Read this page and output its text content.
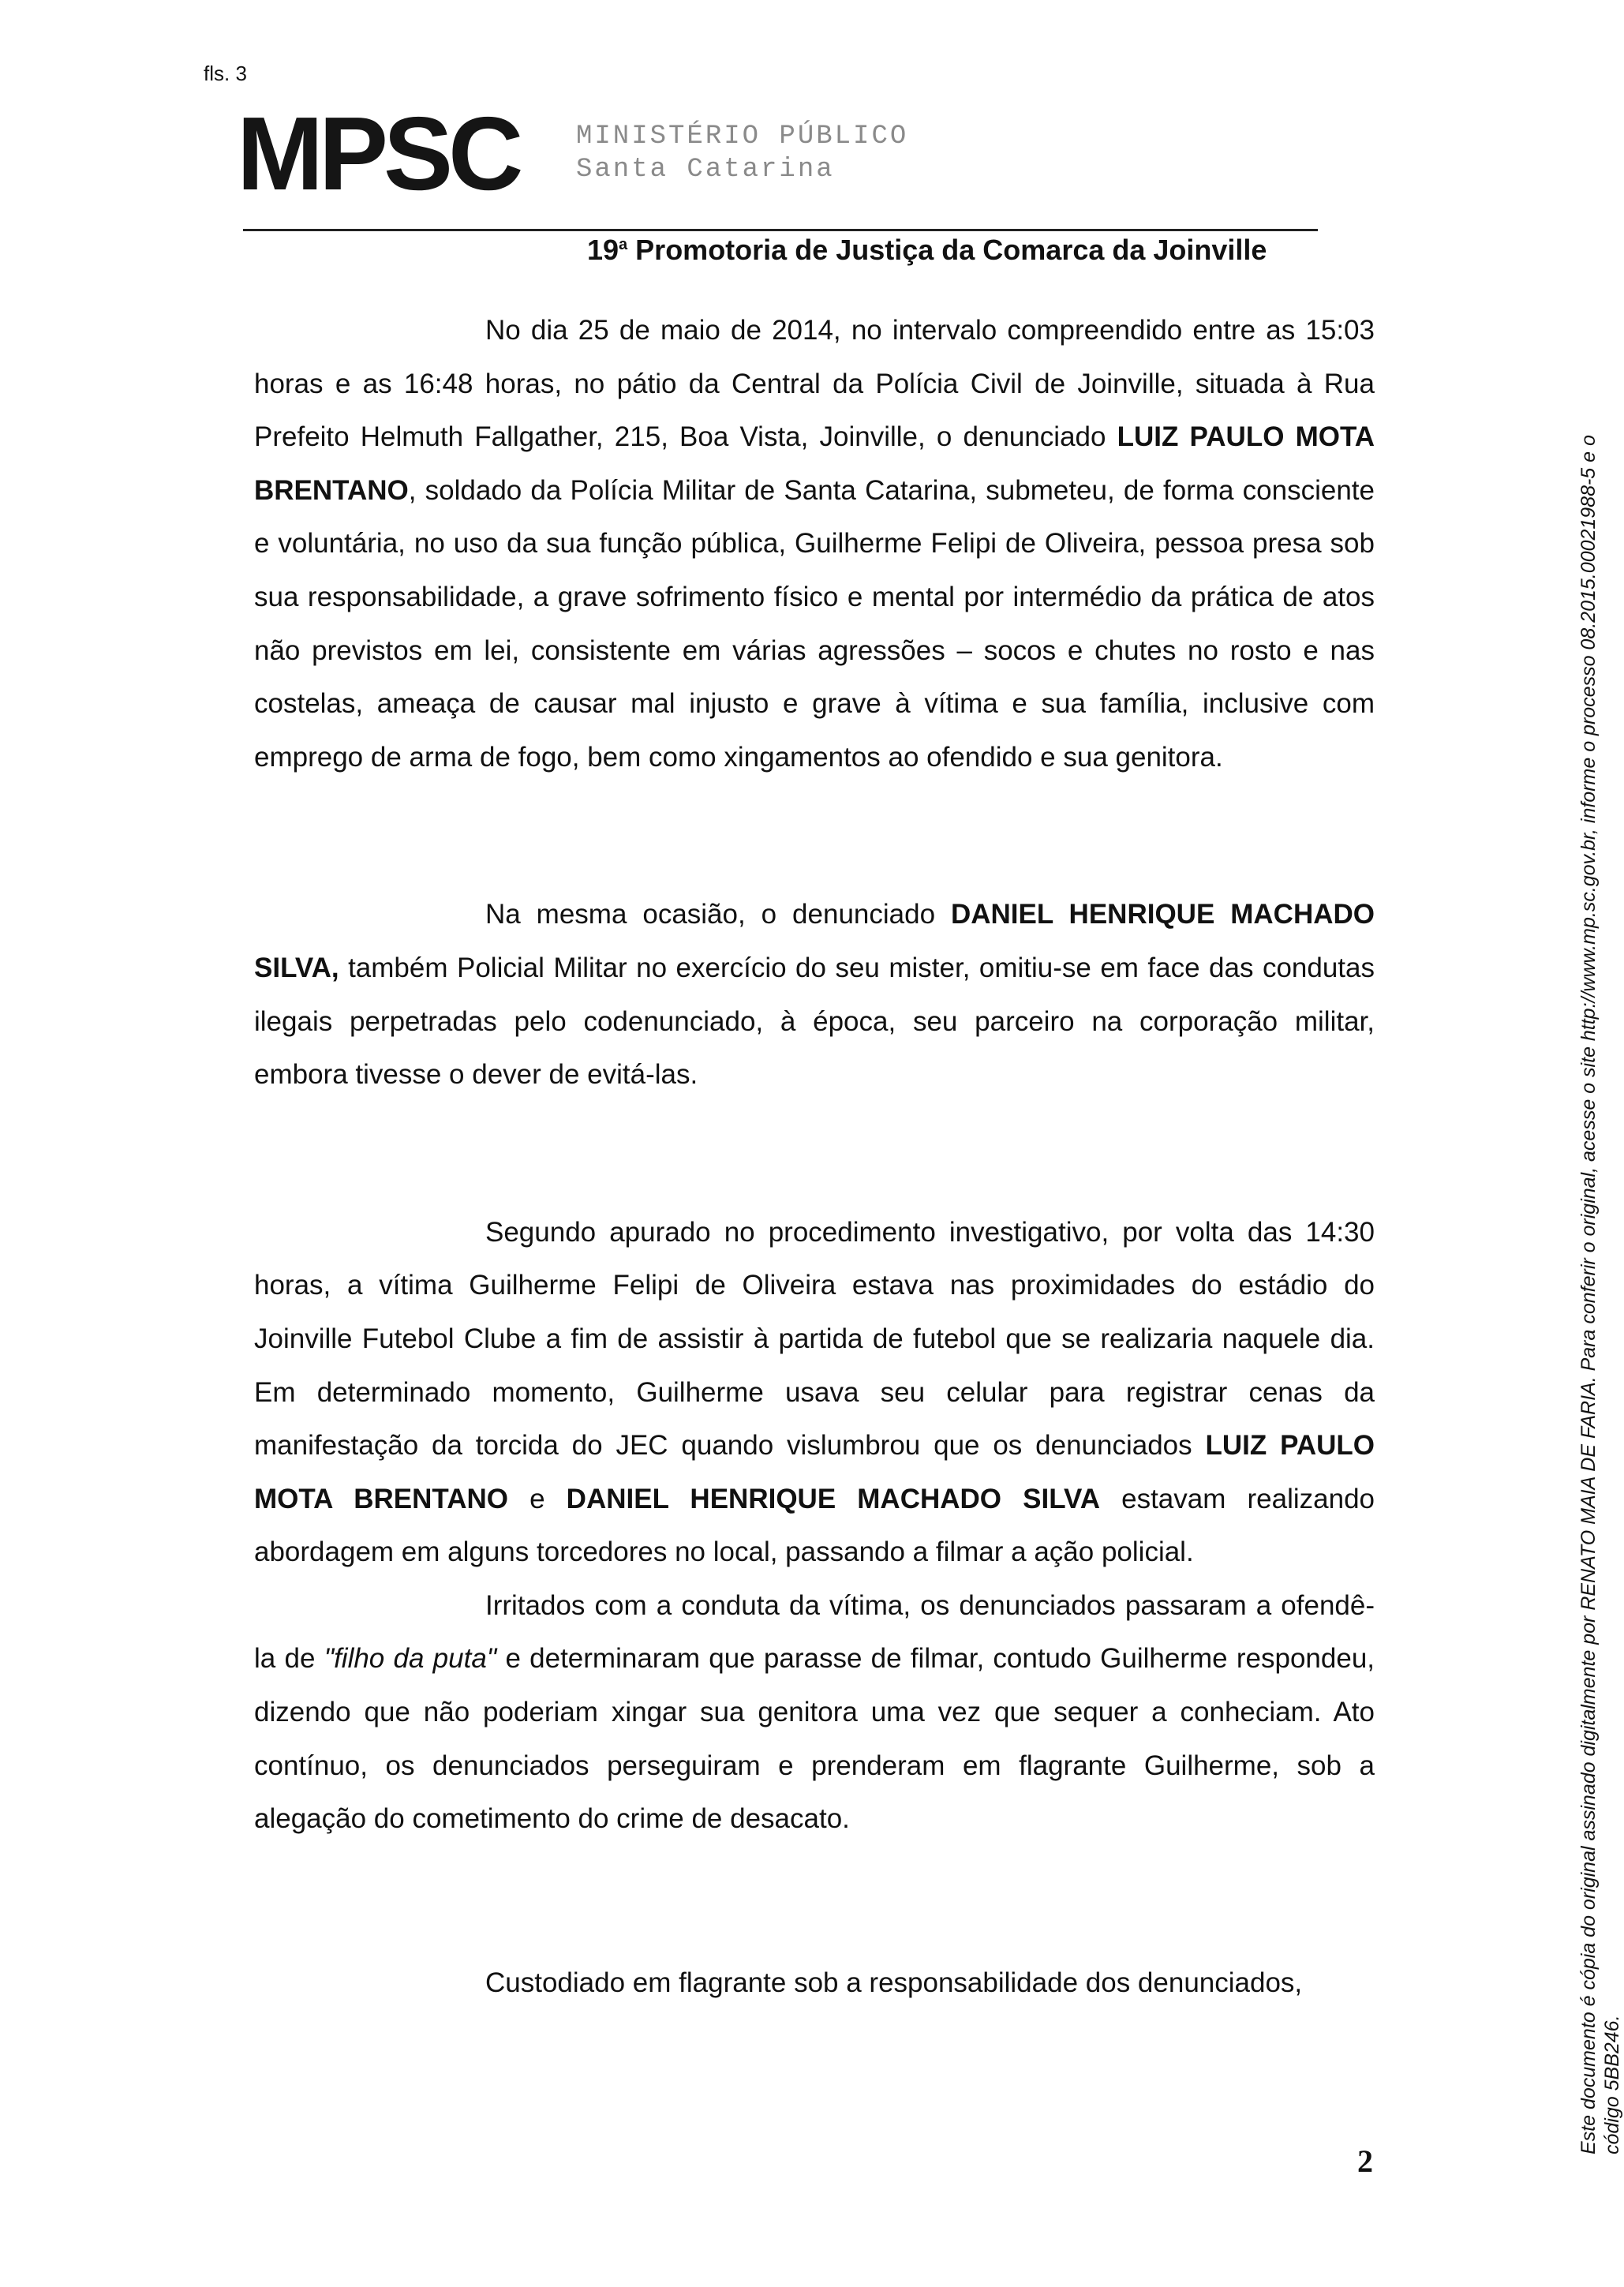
fls. 3
MPSC MINISTÉRIO PÚBLICO
Santa Catarina
19$^a$ Promotoria de Justiça da Comarca da Joinville

No dia 25 de maio de 2014, no intervalo compreendido entre as 15:03 horas e as 16:48 horas, no pátio da Central da Polícia Civil de Joinville, situada à Rua Prefeito Helmuth Fallgather, 215, Boa Vista, Joinville, o denunciado LUIZ PAULO MOTA BRENTANO, soldado da Polícia Militar de Santa Catarina, submeteu, de forma consciente e voluntária, no uso da sua função pública, Guilherme Felipi de Oliveira, pessoa presa sob sua responsabilidade, a grave sofrimento físico e mental por intermédio da prática de atos não previstos em lei, consistente em várias agressões – socos e chutes no rosto e nas costelas, ameaça de causar mal injusto e grave à vítima e sua família, inclusive com emprego de arma de fogo, bem como xingamentos ao ofendido e sua genitora.

Na mesma ocasião, o denunciado DANIEL HENRIQUE MACHADO SILVA, também Policial Militar no exercício do seu mister, omitiu-se em face das condutas ilegais perpetradas pelo codenunciado, à época, seu parceiro na corporação militar, embora tivesse o dever de evitá-las.

Segundo apurado no procedimento investigativo, por volta das 14:30 horas, a vítima Guilherme Felipi de Oliveira estava nas proximidades do estádio do Joinville Futebol Clube a fim de assistir à partida de futebol que se realizaria naquele dia. Em determinado momento, Guilherme usava seu celular para registrar cenas da manifestação da torcida do JEC quando vislumbrou que os denunciados LUIZ PAULO MOTA BRENTANO e DANIEL HENRIQUE MACHADO SILVA estavam realizando abordagem em alguns torcedores no local, passando a filmar a ação policial.

Irritados com a conduta da vítima, os denunciados passaram a ofendê-la de "filho da puta" e determinaram que parasse de filmar, contudo Guilherme respondeu, dizendo que não poderiam xingar sua genitora uma vez que sequer a conheciam. Ato contínuo, os denunciados perseguiram e prenderam em flagrante Guilherme, sob a alegação do cometimento do crime de desacato.

Custodiado em flagrante sob a responsabilidade dos denunciados,

2
Este documento é cópia do original assinado digitalmente por RENATO MAIA DE FARIA. Para conferir o original, acesse o site http://www.mp.sc.gov.br, informe o processo 08.2015.00021988-5 e o código 5BB246.
